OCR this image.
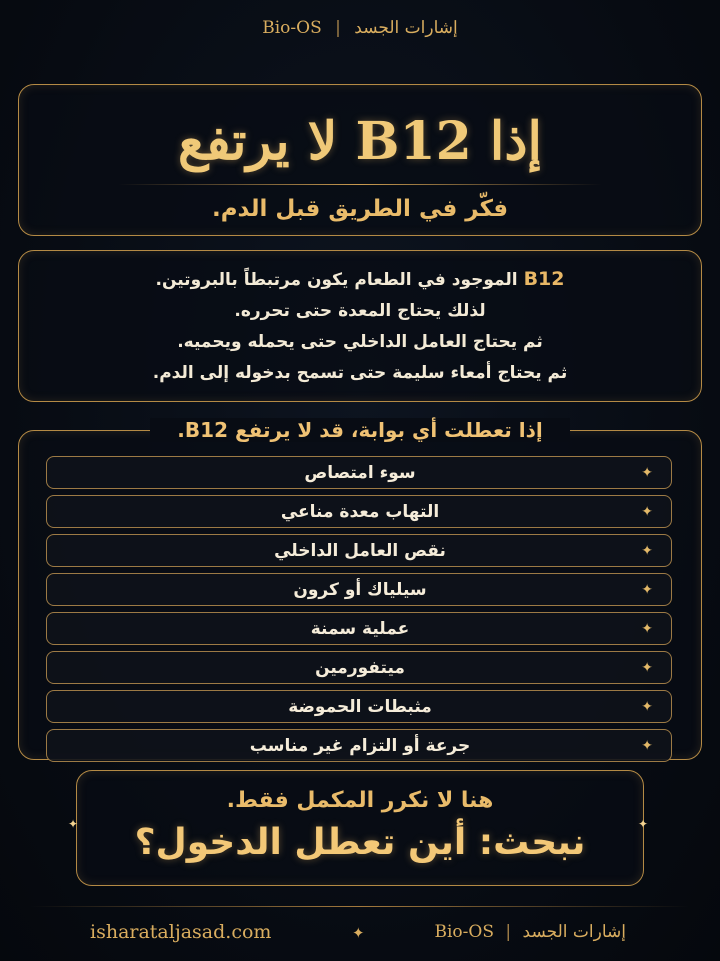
إشارات الجسد | Bio-OS
إذا B12 لا يرتفع
فكّر في الطريق قبل الدم.
B12 الموجود في الطعام يكون مرتبطاً بالبروتين.
لذلك يحتاج المعدة حتى تحرره.
ثم يحتاج العامل الداخلي حتى يحمله ويحميه.
ثم يحتاج أمعاء سليمة حتى تسمح بدخوله إلى الدم.
إذا تعطلت أي بوابة، قد لا يرتفع B12.
✦
سوء امتصاص
✦
التهاب معدة مناعي
✦
نقص العامل الداخلي
✦
سيلياك أو كرون
✦
عملية سمنة
✦
ميتفورمين
✦
مثبطات الحموضة
✦
جرعة أو التزام غير مناسب
هنا لا نكرر المكمل فقط.
نبحث: أين تعطل الدخول؟
✦	✦
إشارات الجسد | Bio-OS
✦
isharataljasad.com
